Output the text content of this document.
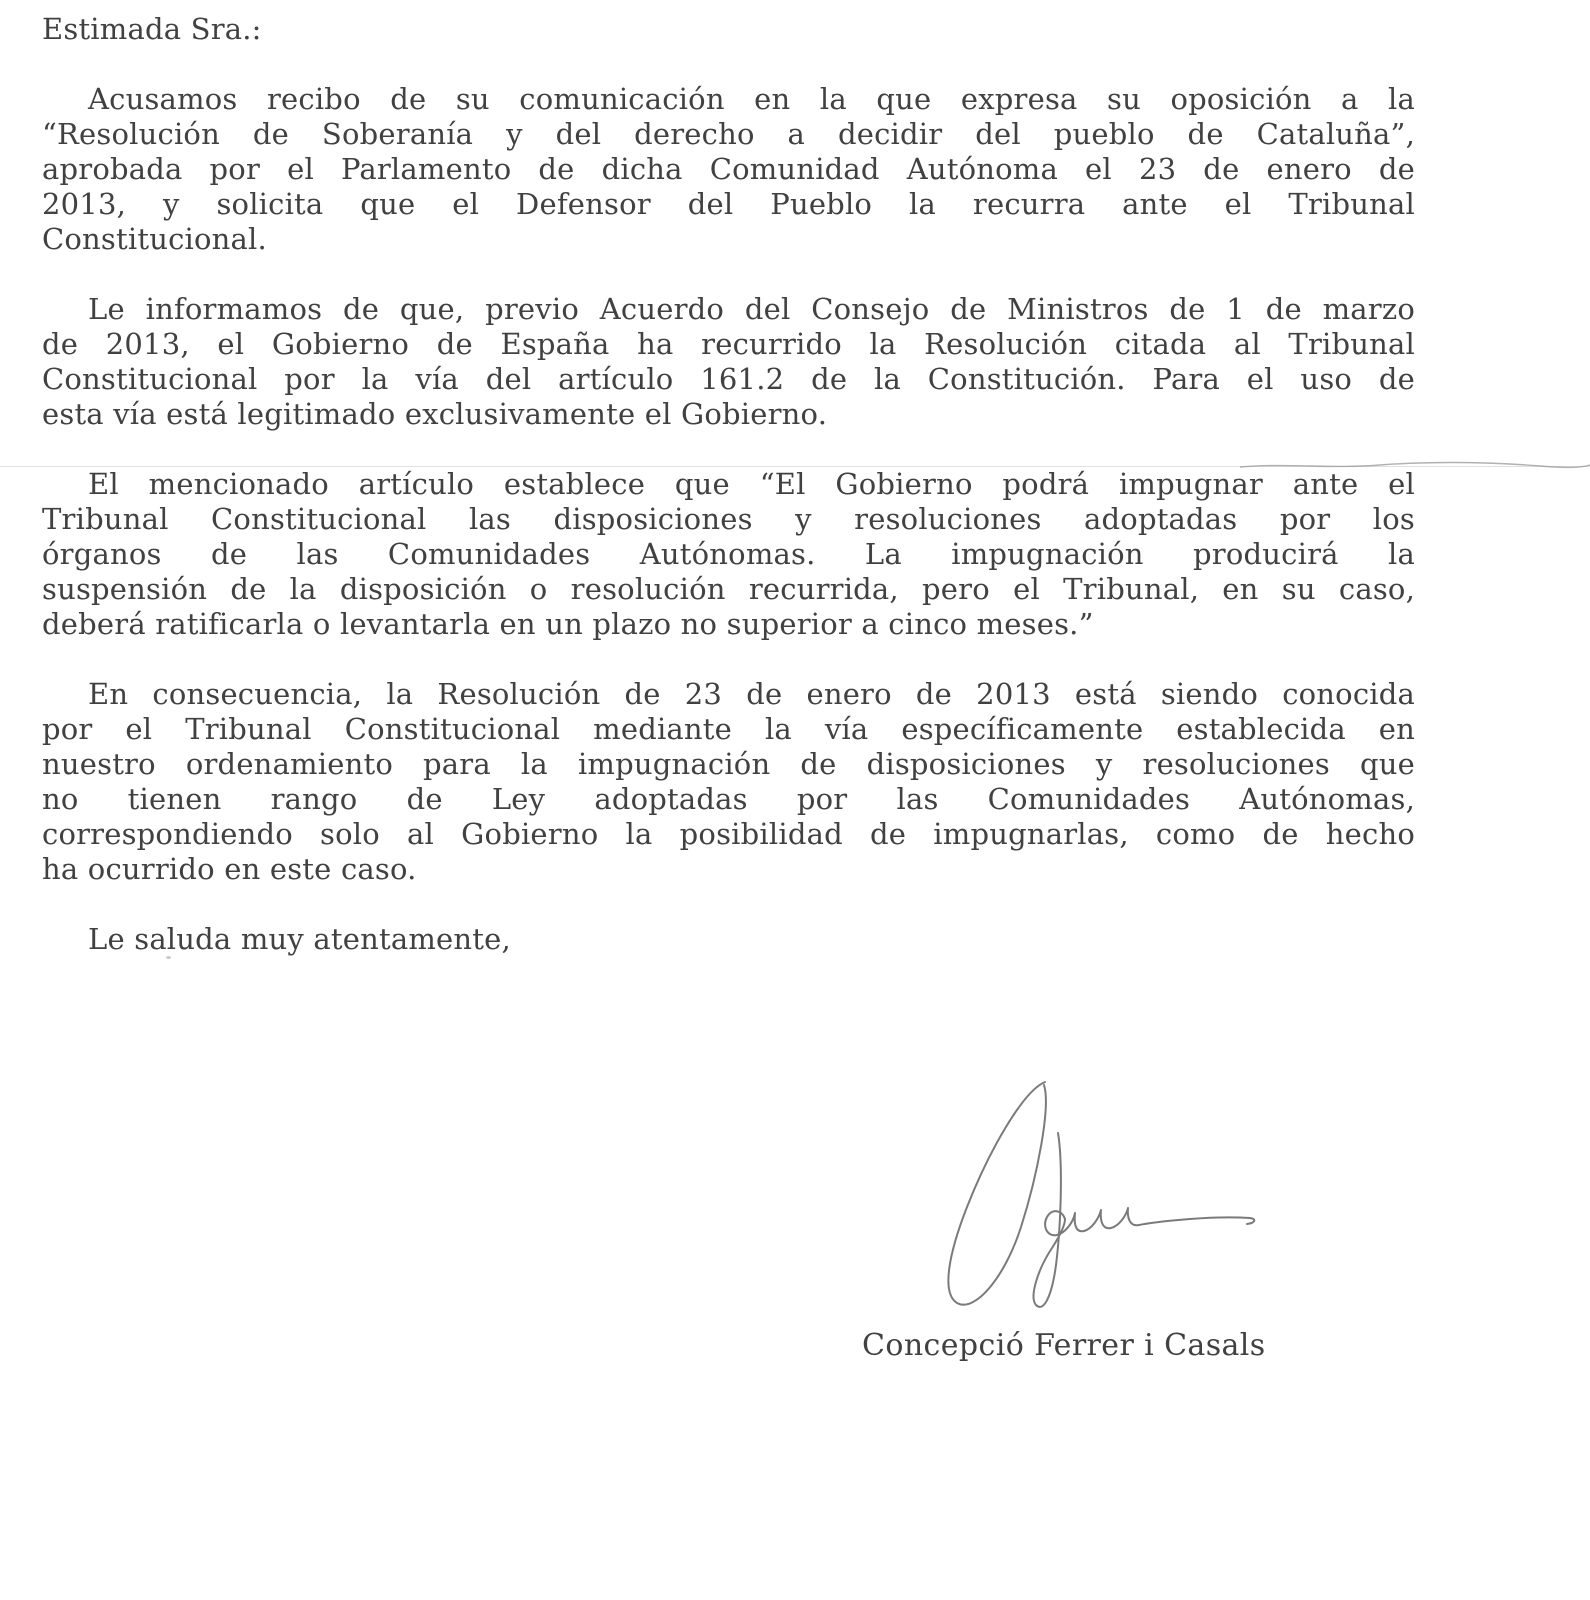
Estimada Sra.:
Acusamos recibo de su comunicación en la que expresa su oposición a la
“Resolución de Soberanía y del derecho a decidir del pueblo de Cataluña”,
aprobada por el Parlamento de dicha Comunidad Autónoma el 23 de enero de
2013, y solicita que el Defensor del Pueblo la recurra ante el Tribunal
Constitucional.
Le informamos de que, previo Acuerdo del Consejo de Ministros de 1 de marzo
de 2013, el Gobierno de España ha recurrido la Resolución citada al Tribunal
Constitucional por la vía del artículo 161.2 de la Constitución. Para el uso de
esta vía está legitimado exclusivamente el Gobierno.
El mencionado artículo establece que “El Gobierno podrá impugnar ante el
Tribunal Constitucional las disposiciones y resoluciones adoptadas por los
órganos de las Comunidades Autónomas. La impugnación producirá la
suspensión de la disposición o resolución recurrida, pero el Tribunal, en su caso,
deberá ratificarla o levantarla en un plazo no superior a cinco meses.”
En consecuencia, la Resolución de 23 de enero de 2013 está siendo conocida
por el Tribunal Constitucional mediante la vía específicamente establecida en
nuestro ordenamiento para la impugnación de disposiciones y resoluciones que
no tienen rango de Ley adoptadas por las Comunidades Autónomas,
correspondiendo solo al Gobierno la posibilidad de impugnarlas, como de hecho
ha ocurrido en este caso.
Le saluda muy atentamente,
Concepció Ferrer i Casals
